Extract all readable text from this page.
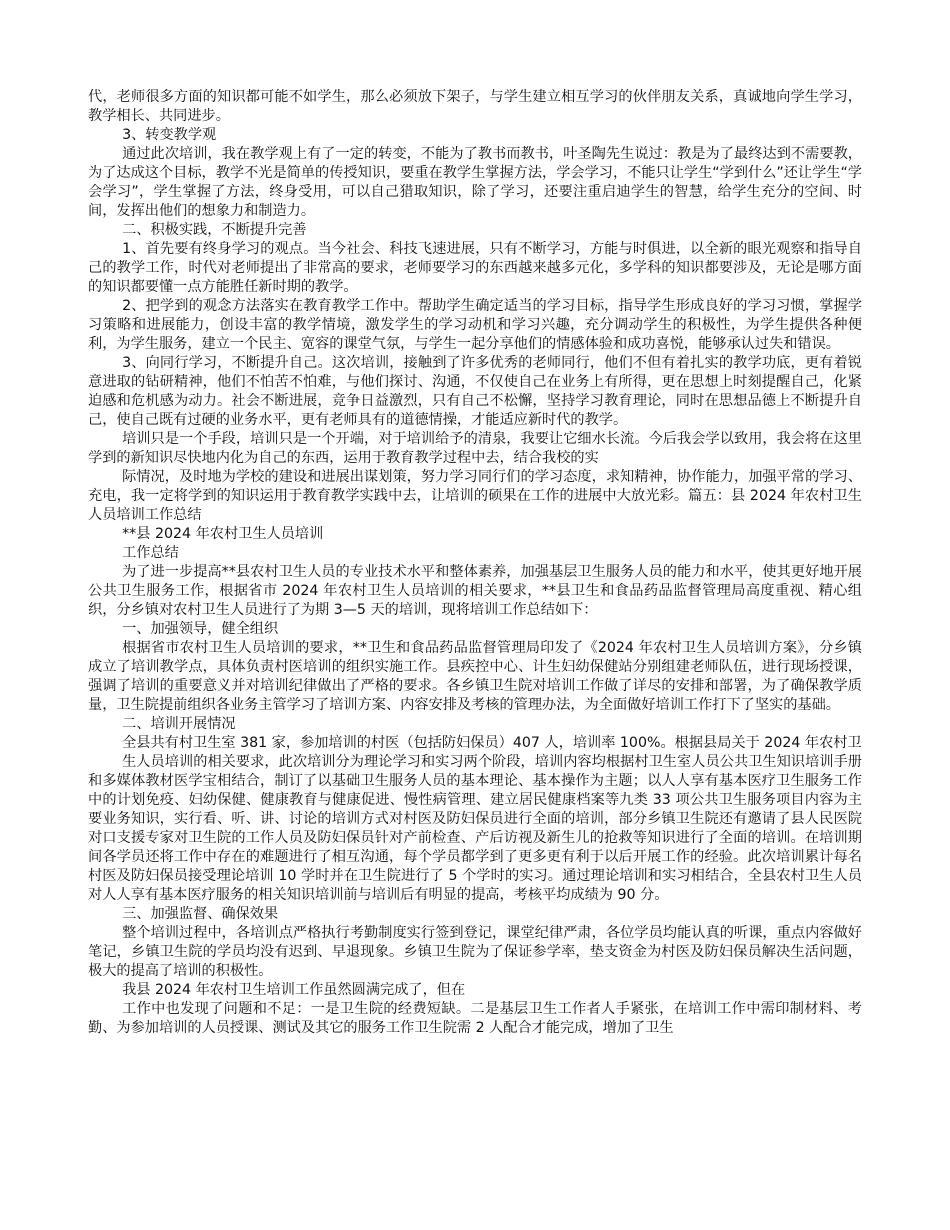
代，老师很多方面的知识都可能不如学生，那么必须放下架子，与学生建立相互学习的伙伴朋友关系，真诚地向学生学习，教学相长、共同进步。

3、转变教学观

通过此次培训，我在教学观上有了一定的转变，不能为了教书而教书，叶圣陶先生说过：教是为了最终达到不需要教，为了达成这个目标，教学不光是简单的传授知识，要重在教学生掌握方法，学会学习，不能只让学生“学到什么”还让学生“学会学习”，学生掌握了方法，终身受用，可以自己猎取知识，除了学习，还要注重启迪学生的智慧，给学生充分的空间、时间，发挥出他们的想象力和制造力。

二、积极实践，不断提升完善

1、首先要有终身学习的观点。当今社会、科技飞速进展，只有不断学习，方能与时俱进，以全新的眼光观察和指导自己的教学工作，时代对老师提出了非常高的要求，老师要学习的东西越来越多元化，多学科的知识都要涉及，无论是哪方面的知识都要懂一点方能胜任新时期的教学。

2、把学到的观念方法落实在教育教学工作中。帮助学生确定适当的学习目标，指导学生形成良好的学习习惯，掌握学习策略和进展能力，创设丰富的教学情境，激发学生的学习动机和学习兴趣，充分调动学生的积极性，为学生提供各种便利，为学生服务，建立一个民主、宽容的课堂气氛，与学生一起分享他们的情感体验和成功喜悦，能够承认过失和错误。

3、向同行学习，不断提升自己。这次培训，接触到了许多优秀的老师同行，他们不但有着扎实的教学功底，更有着锐意进取的钻研精神，他们不怕苦不怕难，与他们探讨、沟通，不仅使自己在业务上有所得，更在思想上时刻提醒自己，化紧迫感和危机感为动力。社会不断进展，竞争日益激烈，只有自己不松懈，坚持学习教育理论，同时在思想品德上不断提升自己，使自己既有过硬的业务水平，更有老师具有的道德情操，才能适应新时代的教学。

培训只是一个手段，培训只是一个开端，对于培训给予的清泉，我要让它细水长流。今后我会学以致用，我会将在这里学到的新知识尽快地内化为自己的东西，运用于教育教学过程中去，结合我校的实

际情况，及时地为学校的建设和进展出谋划策，努力学习同行们的学习态度，求知精神，协作能力，加强平常的学习、充电，我一定将学到的知识运用于教育教学实践中去，让培训的硕果在工作的进展中大放光彩。篇五：县 2024 年农村卫生人员培训工作总结

**县 2024 年农村卫生人员培训

工作总结

为了进一步提高**县农村卫生人员的专业技术水平和整体素养，加强基层卫生服务人员的能力和水平，使其更好地开展公共卫生服务工作，根据省市 2024 年农村卫生人员培训的相关要求，**县卫生和食品药品监督管理局高度重视、精心组织，分乡镇对农村卫生人员进行了为期 3—5 天的培训，现将培训工作总结如下：

一、加强领导，健全组织

根据省市农村卫生人员培训的要求，**卫生和食品药品监督管理局印发了《2024 年农村卫生人员培训方案》，分乡镇成立了培训教学点，具体负责村医培训的组织实施工作。县疾控中心、计生妇幼保健站分别组建老师队伍，进行现场授课，强调了培训的重要意义并对培训纪律做出了严格的要求。各乡镇卫生院对培训工作做了详尽的安排和部署，为了确保教学质量，卫生院提前组织各业务主管学习了培训方案、内容安排及考核的管理办法，为全面做好培训工作打下了坚实的基础。

二、培训开展情况

全县共有村卫生室 381 家，参加培训的村医（包括防妇保员）407 人，培训率 100%。根据县局关于 2024 年农村卫

生人员培训的相关要求，此次培训分为理论学习和实习两个阶段，培训内容均根据村卫生室人员公共卫生知识培训手册和多媒体教材医学宝相结合，制订了以基础卫生服务人员的基本理论、基本操作为主题；以人人享有基本医疗卫生服务工作中的计划免疫、妇幼保健、健康教育与健康促进、慢性病管理、建立居民健康档案等九类 33 项公共卫生服务项目内容为主要业务知识，实行看、听、讲、讨论的培训方式对村医及防妇保员进行全面的培训，部分乡镇卫生院还有邀请了县人民医院对口支援专家对卫生院的工作人员及防妇保员针对产前检查、产后访视及新生儿的抢救等知识进行了全面的培训。在培训期间各学员还将工作中存在的难题进行了相互沟通，每个学员都学到了更多更有利于以后开展工作的经验。此次培训累计每名村医及防妇保员接受理论培训 10 学时并在卫生院进行了 5 个学时的实习。通过理论培训和实习相结合，全县农村卫生人员对人人享有基本医疗服务的相关知识培训前与培训后有明显的提高，考核平均成绩为 90 分。

三、加强监督、确保效果

整个培训过程中，各培训点严格执行考勤制度实行签到登记，课堂纪律严肃，各位学员均能认真的听课，重点内容做好笔记，乡镇卫生院的学员均没有迟到、早退现象。乡镇卫生院为了保证参学率，垫支资金为村医及防妇保员解决生活问题，极大的提高了培训的积极性。

我县 2024 年农村卫生培训工作虽然圆满完成了，但在

工作中也发现了问题和不足：一是卫生院的经费短缺。二是基层卫生工作者人手紧张，在培训工作中需印制材料、考勤、为参加培训的人员授课、测试及其它的服务工作卫生院需 2 人配合才能完成，增加了卫生
